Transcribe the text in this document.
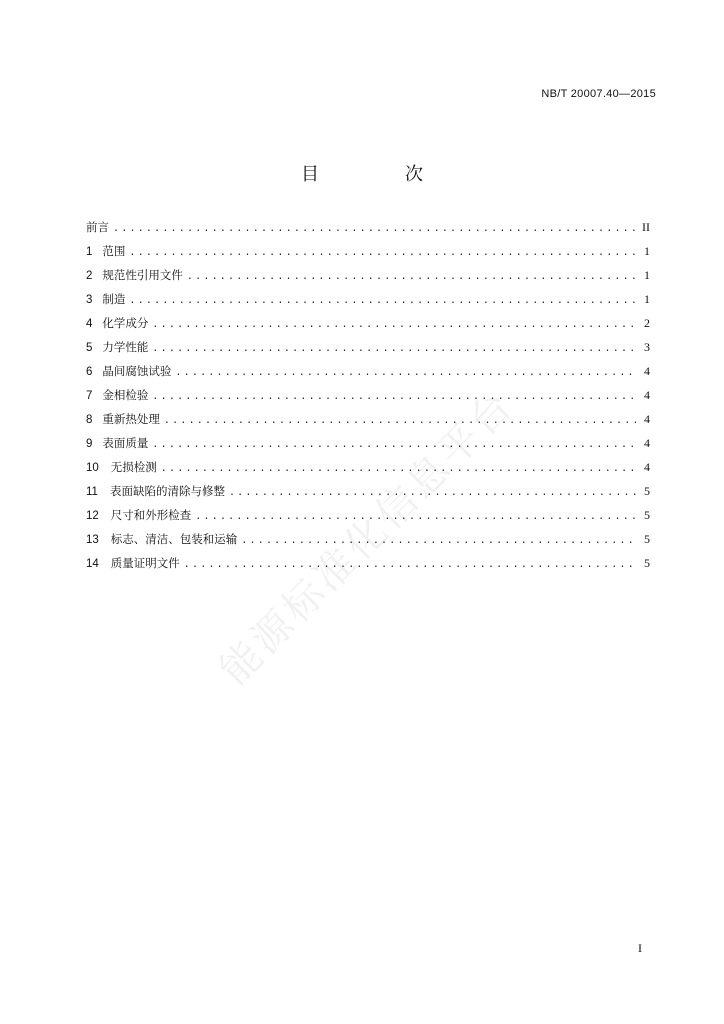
NB/T 20007.40—2015
目　次
前言 .....	II
1 范围 .....	1
2 规范性引用文件 .....	1
3 制造 .....	1
4 化学成分 .....	2
5 力学性能 .....	3
6 晶间腐蚀试验 .....	4
7 金相检验 .....	4
8 重新热处理 .....	4
9 表面质量 .....	4
10 无损检测 .....	4
11 表面缺陷的清除与修整 .....	5
12 尺寸和外形检查 .....	5
13 标志、清洁、包装和运输 .....	5
14 质量证明文件 .....	5
能源标准化信息平台
I
